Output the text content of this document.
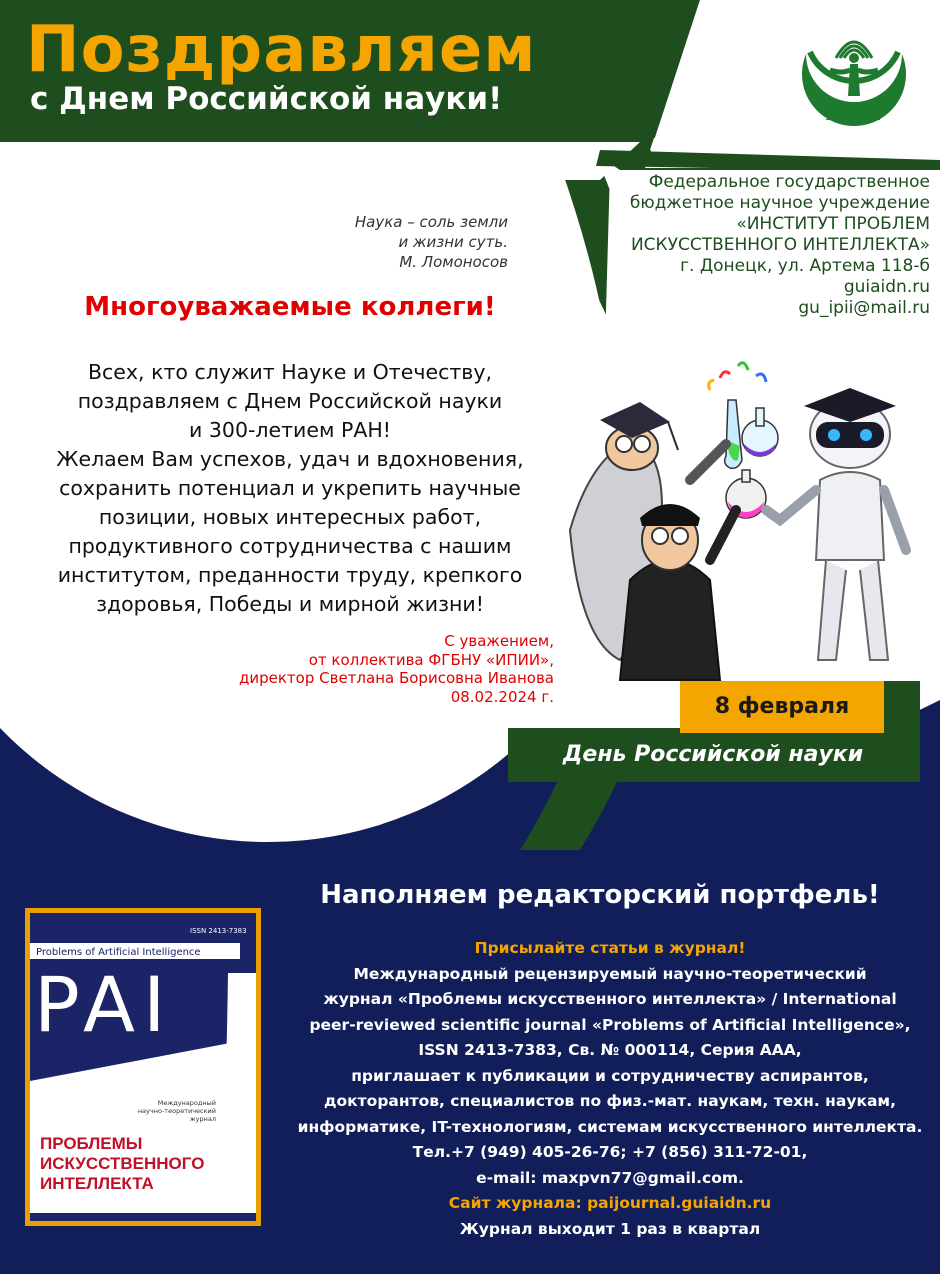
Поздравляем
с Днем Российской науки!	ИПИИ
Федеральное государственное
бюджетное научное учреждение
«ИНСТИТУТ ПРОБЛЕМ
ИСКУССТВЕННОГО ИНТЕЛЛЕКТА»
г. Донецк, ул. Артема 118-б
guiaidn.ru
gu_ipii@mail.ru
Наука – соль земли
и жизни суть.
М. Ломоносов
Многоуважаемые коллеги!
Всех, кто служит Науке и Отечеству,
поздравляем с Днем Российской науки
и 300-летием РАН!
Желаем Вам успехов, удач и вдохновения,
сохранить потенциал и укрепить научные
позиции, новых интересных работ,
продуктивного сотрудничества с нашим
институтом, преданности труду, крепкого
здоровья, Победы и мирной жизни!
С уважением,
от коллектива ФГБНУ «ИПИИ»,
директор Светлана Борисовна Иванова
08.02.2024 г.	8 февраля
День Российской науки
ISSN 2413-7383
Problems of Artificial Intelligence
PAI
Международный
научно-теоретический
журнал
ПРОБЛЕМЫ
ИСКУССТВЕННОГО
ИНТЕЛЛЕКТА
Наполняем редакторский портфель!
Присылайте статьи в журнал!
Международный рецензируемый научно-теоретический
журнал «Проблемы искусственного интеллекта» / International
peer-reviewed scientific journal «Problems of Artificial Intelligence»,
ISSN 2413-7383, Св. № 000114, Серия ААА,
приглашает к публикации и сотрудничеству аспирантов,
докторантов, специалистов по физ.-мат. наукам, техн. наукам,
информатике, IT-технологиям, системам искусственного интеллекта.
Тел.+7 (949) 405-26-76; +7 (856) 311-72-01,
e-mail: maxpvn77@gmail.com.
Сайт журнала: paijournal.guiaidn.ru
Журнал выходит 1 раз в квартал
